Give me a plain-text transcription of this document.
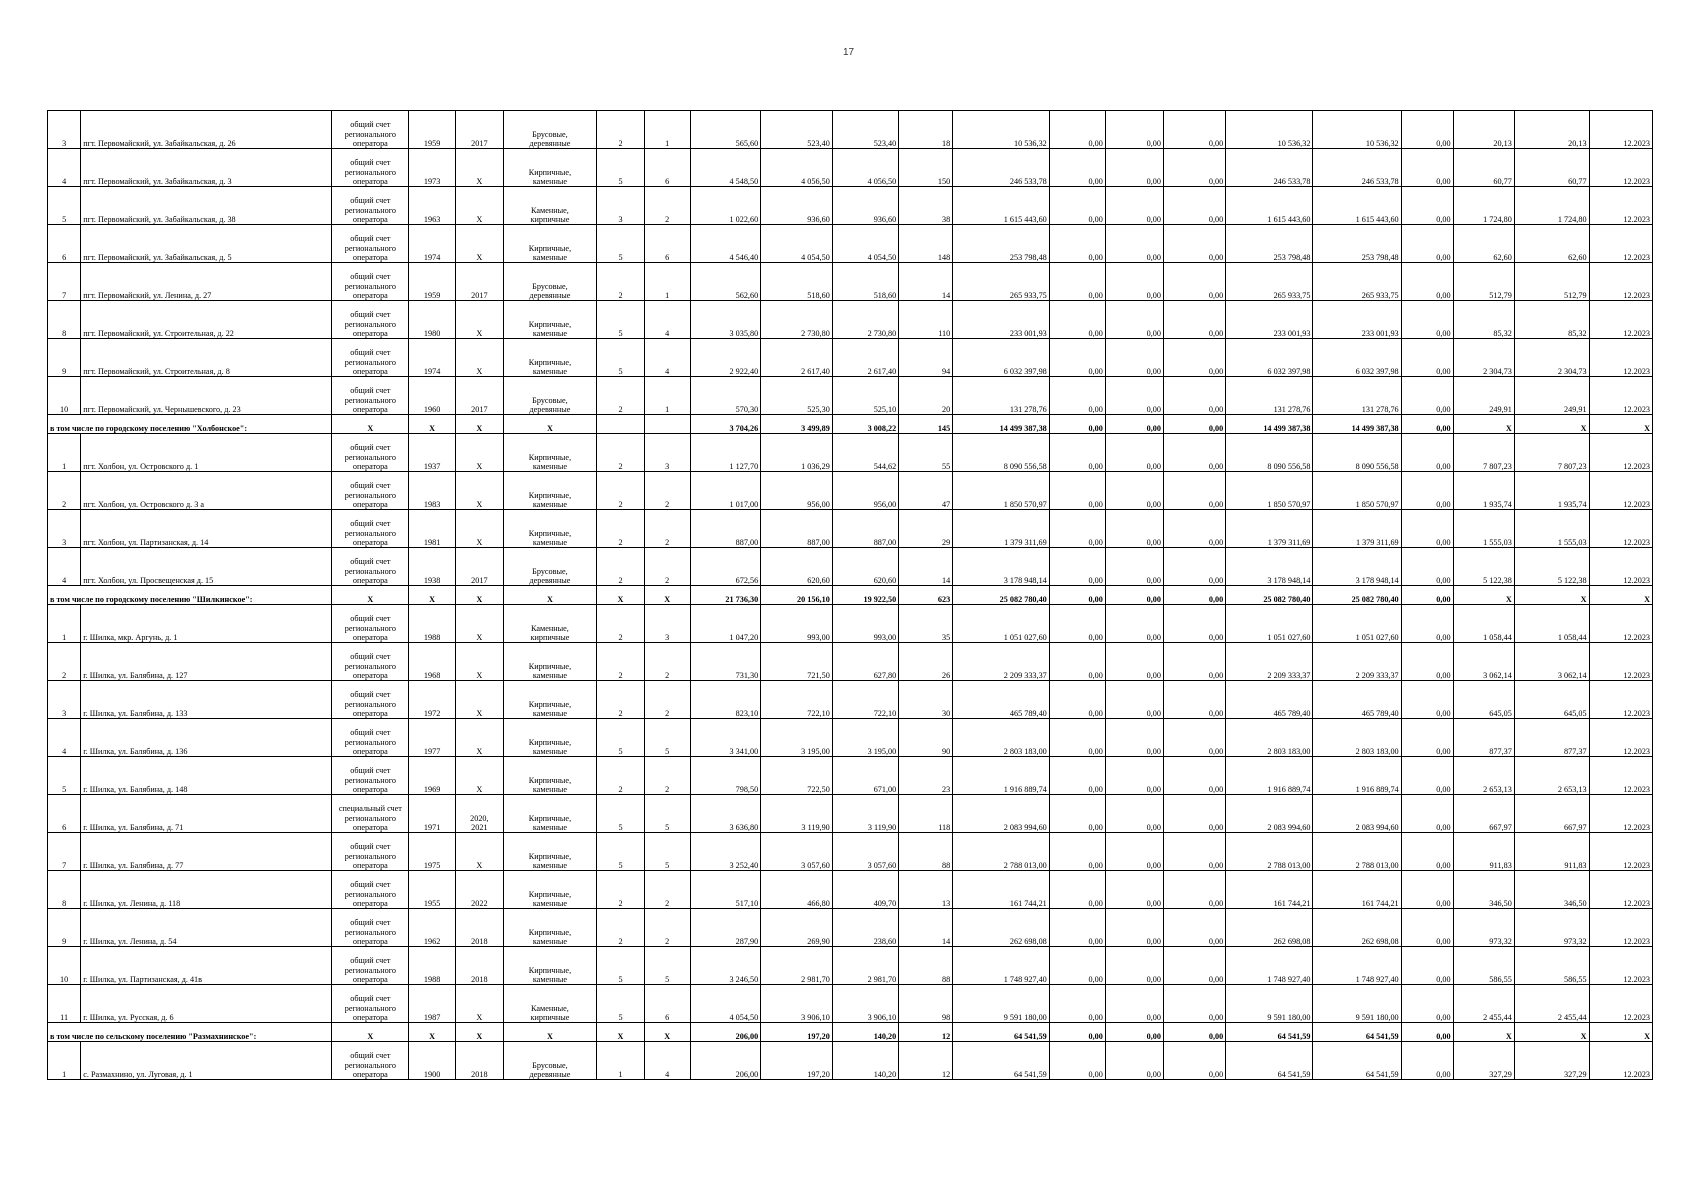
17
3	пгт. Первомайский, ул. Забайкальская, д. 26	общий счет
регионального
оператора	1959	2017	Брусовые,
деревянные	2	1	565,60	523,40	523,40	18	10 536,32	0,00	0,00	0,00	10 536,32	10 536,32	0,00	20,13	20,13	12.2023
4	пгт. Первомайский, ул. Забайкальская, д. 3	общий счет
регионального
оператора	1973	X	Кирпичные,
каменные	5	6	4 548,50	4 056,50	4 056,50	150	246 533,78	0,00	0,00	0,00	246 533,78	246 533,78	0,00	60,77	60,77	12.2023
5	пгт. Первомайский, ул. Забайкальская, д. 38	общий счет
регионального
оператора	1963	X	Каменные,
кирпичные	3	2	1 022,60	936,60	936,60	38	1 615 443,60	0,00	0,00	0,00	1 615 443,60	1 615 443,60	0,00	1 724,80	1 724,80	12.2023
6	пгт. Первомайский, ул. Забайкальская, д. 5	общий счет
регионального
оператора	1974	X	Кирпичные,
каменные	5	6	4 546,40	4 054,50	4 054,50	148	253 798,48	0,00	0,00	0,00	253 798,48	253 798,48	0,00	62,60	62,60	12.2023
7	пгт. Первомайский, ул. Ленина, д. 27	общий счет
регионального
оператора	1959	2017	Брусовые,
деревянные	2	1	562,60	518,60	518,60	14	265 933,75	0,00	0,00	0,00	265 933,75	265 933,75	0,00	512,79	512,79	12.2023
8	пгт. Первомайский, ул. Строительная, д. 22	общий счет
регионального
оператора	1980	X	Кирпичные,
каменные	5	4	3 035,80	2 730,80	2 730,80	110	233 001,93	0,00	0,00	0,00	233 001,93	233 001,93	0,00	85,32	85,32	12.2023
9	пгт. Первомайский, ул. Строительная, д. 8	общий счет
регионального
оператора	1974	X	Кирпичные,
каменные	5	4	2 922,40	2 617,40	2 617,40	94	6 032 397,98	0,00	0,00	0,00	6 032 397,98	6 032 397,98	0,00	2 304,73	2 304,73	12.2023
10	пгт. Первомайский, ул. Чернышевского, д. 23	общий счет
регионального
оператора	1960	2017	Брусовые,
деревянные	2	1	570,30	525,30	525,10	20	131 278,76	0,00	0,00	0,00	131 278,76	131 278,76	0,00	249,91	249,91	12.2023
в том числе по городскому поселению "Холбонское":		X	X	X	X			3 704,26	3 499,89	3 008,22	145	14 499 387,38	0,00	0,00	0,00	14 499 387,38	14 499 387,38	0,00	X	X	X
1	пгт. Холбон, ул. Островского д. 1	общий счет
регионального
оператора	1937	X	Кирпичные,
каменные	2	3	1 127,70	1 036,29	544,62	55	8 090 556,58	0,00	0,00	0,00	8 090 556,58	8 090 556,58	0,00	7 807,23	7 807,23	12.2023
2	пгт. Холбон, ул. Островского д. 3 а	общий счет
регионального
оператора	1983	X	Кирпичные,
каменные	2	2	1 017,00	956,00	956,00	47	1 850 570,97	0,00	0,00	0,00	1 850 570,97	1 850 570,97	0,00	1 935,74	1 935,74	12.2023
3	пгт. Холбон, ул. Партизанская, д. 14	общий счет
регионального
оператора	1981	X	Кирпичные,
каменные	2	2	887,00	887,00	887,00	29	1 379 311,69	0,00	0,00	0,00	1 379 311,69	1 379 311,69	0,00	1 555,03	1 555,03	12.2023
4	пгт. Холбон, ул. Просвещенская д. 15	общий счет
регионального
оператора	1938	2017	Брусовые,
деревянные	2	2	672,56	620,60	620,60	14	3 178 948,14	0,00	0,00	0,00	3 178 948,14	3 178 948,14	0,00	5 122,38	5 122,38	12.2023
в том числе по городскому поселению "Шилкинское":		X	X	X	X	X	X	21 736,30	20 156,10	19 922,50	623	25 082 780,40	0,00	0,00	0,00	25 082 780,40	25 082 780,40	0,00	X	X	X
1	г. Шилка, мкр. Аргунь, д. 1	общий счет
регионального
оператора	1988	X	Каменные,
кирпичные	2	3	1 047,20	993,00	993,00	35	1 051 027,60	0,00	0,00	0,00	1 051 027,60	1 051 027,60	0,00	1 058,44	1 058,44	12.2023
2	г. Шилка, ул. Балябина, д. 127	общий счет
регионального
оператора	1968	X	Кирпичные,
каменные	2	2	731,30	721,50	627,80	26	2 209 333,37	0,00	0,00	0,00	2 209 333,37	2 209 333,37	0,00	3 062,14	3 062,14	12.2023
3	г. Шилка, ул. Балябина, д. 133	общий счет
регионального
оператора	1972	X	Кирпичные,
каменные	2	2	823,10	722,10	722,10	30	465 789,40	0,00	0,00	0,00	465 789,40	465 789,40	0,00	645,05	645,05	12.2023
4	г. Шилка, ул. Балябина, д. 136	общий счет
регионального
оператора	1977	X	Кирпичные,
каменные	5	5	3 341,00	3 195,00	3 195,00	90	2 803 183,00	0,00	0,00	0,00	2 803 183,00	2 803 183,00	0,00	877,37	877,37	12.2023
5	г. Шилка, ул. Балябина, д. 148	общий счет
регионального
оператора	1969	X	Кирпичные,
каменные	2	2	798,50	722,50	671,00	23	1 916 889,74	0,00	0,00	0,00	1 916 889,74	1 916 889,74	0,00	2 653,13	2 653,13	12.2023
6	г. Шилка, ул. Балябина, д. 71	специальный счет
регионального
оператора	1971	2020,
2021	Кирпичные,
каменные	5	5	3 636,80	3 119,90	3 119,90	118	2 083 994,60	0,00	0,00	0,00	2 083 994,60	2 083 994,60	0,00	667,97	667,97	12.2023
7	г. Шилка, ул. Балябина, д. 77	общий счет
регионального
оператора	1975	X	Кирпичные,
каменные	5	5	3 252,40	3 057,60	3 057,60	88	2 788 013,00	0,00	0,00	0,00	2 788 013,00	2 788 013,00	0,00	911,83	911,83	12.2023
8	г. Шилка, ул. Ленина, д. 118	общий счет
регионального
оператора	1955	2022	Кирпичные,
каменные	2	2	517,10	466,80	409,70	13	161 744,21	0,00	0,00	0,00	161 744,21	161 744,21	0,00	346,50	346,50	12.2023
9	г. Шилка, ул. Ленина, д. 54	общий счет
регионального
оператора	1962	2018	Кирпичные,
каменные	2	2	287,90	269,90	238,60	14	262 698,08	0,00	0,00	0,00	262 698,08	262 698,08	0,00	973,32	973,32	12.2023
10	г. Шилка, ул. Партизанская, д. 41в	общий счет
регионального
оператора	1988	2018	Кирпичные,
каменные	5	5	3 246,50	2 981,70	2 981,70	88	1 748 927,40	0,00	0,00	0,00	1 748 927,40	1 748 927,40	0,00	586,55	586,55	12.2023
11	г. Шилка, ул. Русская, д. 6	общий счет
регионального
оператора	1987	X	Каменные,
кирпичные	5	6	4 054,50	3 906,10	3 906,10	98	9 591 180,00	0,00	0,00	0,00	9 591 180,00	9 591 180,00	0,00	2 455,44	2 455,44	12.2023
в том числе по сельскому поселению "Размахнинское":		X	X	X	X	X	X	206,00	197,20	140,20	12	64 541,59	0,00	0,00	0,00	64 541,59	64 541,59	0,00	X	X	X
1	с. Размахнино, ул. Луговая, д. 1	общий счет
регионального
оператора	1900	2018	Брусовые,
деревянные	1	4	206,00	197,20	140,20	12	64 541,59	0,00	0,00	0,00	64 541,59	64 541,59	0,00	327,29	327,29	12.2023
